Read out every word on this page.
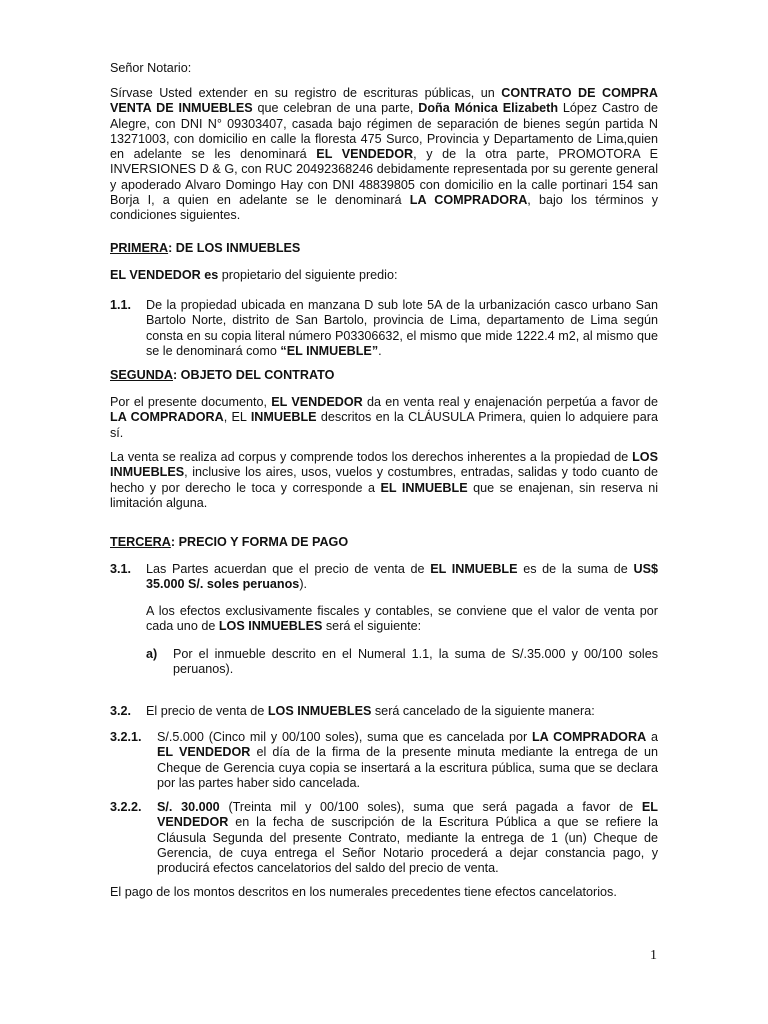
Señor Notario:

Sírvase Usted extender en su registro de escrituras públicas, un CONTRATO DE COMPRA VENTA DE INMUEBLES que celebran de una parte, Doña Mónica Elizabeth López Castro de Alegre, con DNI N° 09303407, casada bajo régimen de separación de bienes según partida N 13271003, con domicilio en calle la floresta 475 Surco, Provincia y Departamento de Lima,quien en adelante se les denominará EL VENDEDOR, y de la otra parte, PROMOTORA E INVERSIONES D & G, con RUC 20492368246 debidamente representada por su gerente general y apoderado Alvaro Domingo Hay con DNI 48839805 con domicilio en la calle portinari 154 san Borja I, a quien en adelante se le denominará LA COMPRADORA, bajo los términos y condiciones siguientes.

PRIMERA: DE LOS INMUEBLES

EL VENDEDOR es propietario del siguiente predio:

1.1. De la propiedad ubicada en manzana D sub lote 5A de la urbanización casco urbano San Bartolo Norte, distrito de San Bartolo, provincia de Lima, departamento de Lima según consta en su copia literal número P03306632, el mismo que mide 1222.4 m2, al mismo que se le denominará como “EL INMUEBLE”.

SEGUNDA: OBJETO DEL CONTRATO

Por el presente documento, EL VENDEDOR da en venta real y enajenación perpetúa a favor de LA COMPRADORA, EL INMUEBLE descritos en la CLÁUSULA Primera, quien lo adquiere para sí.

La venta se realiza ad corpus y comprende todos los derechos inherentes a la propiedad de LOS INMUEBLES, inclusive los aires, usos, vuelos y costumbres, entradas, salidas y todo cuanto de hecho y por derecho le toca y corresponde a EL INMUEBLE que se enajenan, sin reserva ni limitación alguna.

TERCERA: PRECIO Y FORMA DE PAGO

3.1. Las Partes acuerdan que el precio de venta de EL INMUEBLE es de la suma de US$ 35.000 S/. soles peruanos).

A los efectos exclusivamente fiscales y contables, se conviene que el valor de venta por cada uno de LOS INMUEBLES será el siguiente:

a) Por el inmueble descrito en el Numeral 1.1, la suma de S/.35.000 y 00/100 soles peruanos).

3.2. El precio de venta de LOS INMUEBLES será cancelado de la siguiente manera:

3.2.1. S/.5.000 (Cinco mil y 00/100 soles), suma que es cancelada por LA COMPRADORA a EL VENDEDOR el día de la firma de la presente minuta mediante la entrega de un Cheque de Gerencia cuya copia se insertará a la escritura pública, suma que se declara por las partes haber sido cancelada.

3.2.2. S/. 30.000 (Treinta mil y 00/100 soles), suma que será pagada a favor de EL VENDEDOR en la fecha de suscripción de la Escritura Pública a que se refiere la Cláusula Segunda del presente Contrato, mediante la entrega de 1 (un) Cheque de Gerencia, de cuya entrega el Señor Notario procederá a dejar constancia pago, y producirá efectos cancelatorios del saldo del precio de venta.

El pago de los montos descritos en los numerales precedentes tiene efectos cancelatorios.

1
